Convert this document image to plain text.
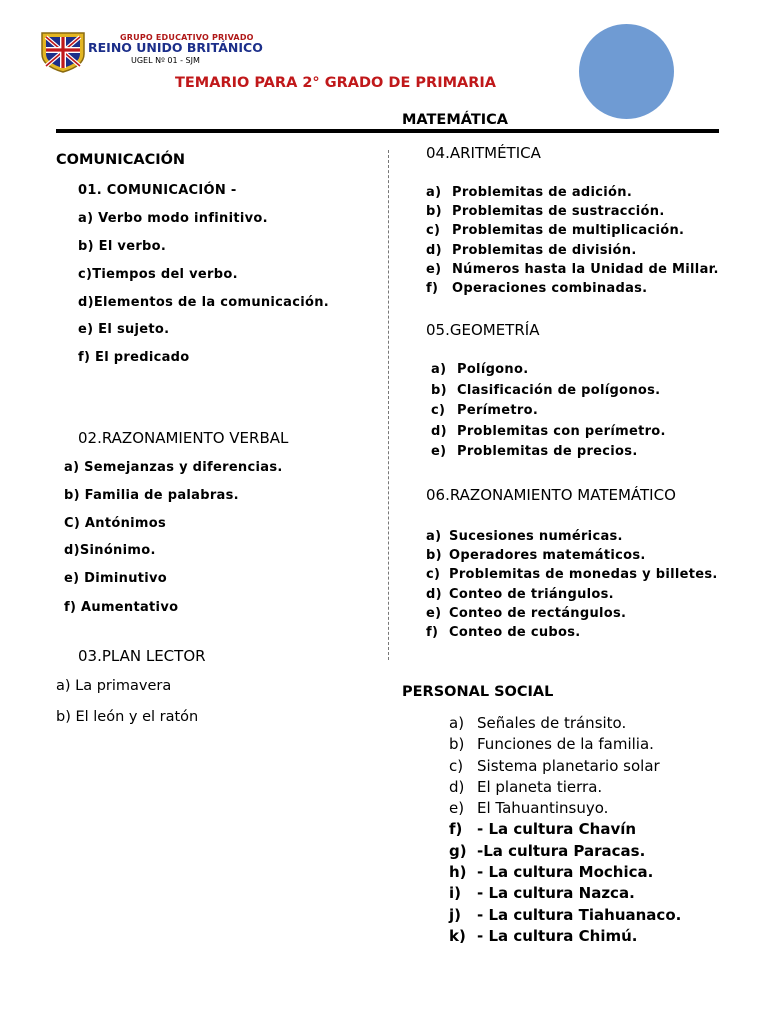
GRUPO EDUCATIVO PRIVADO
REINO UNIDO BRITÁNICO
UGEL Nº 01 - SJM
TEMARIO PARA 2° GRADO DE PRIMARIA
MATEMÁTICA
COMUNICACIÓN
01. COMUNICACIÓN -
a) Verbo modo infinitivo.
b) El verbo.
c)Tiempos del verbo.
d)Elementos de la comunicación.
e) El sujeto.
f) El predicado
02.RAZONAMIENTO VERBAL
a) Semejanzas y diferencias.
b) Familia de palabras.
C) Antónimos
d)Sinónimo.
e) Diminutivo
f) Aumentativo
03.PLAN LECTOR
a) La primavera
b) El león y el ratón
04.ARITMÉTICA
a) Problemitas de adición.
b) Problemitas de sustracción.
c) Problemitas de multiplicación.
d) Problemitas de división.
e) Números hasta la Unidad de Millar.
f) Operaciones combinadas.
05.GEOMETRÍA
a) Polígono.
b) Clasificación de polígonos.
c) Perímetro.
d) Problemitas con perímetro.
e) Problemitas de precios.
06.RAZONAMIENTO MATEMÁTICO
a) Sucesiones numéricas.
b) Operadores matemáticos.
c) Problemitas de monedas y billetes.
d) Conteo de triángulos.
e) Conteo de rectángulos.
f) Conteo de cubos.
PERSONAL SOCIAL
a) Señales de tránsito.
b) Funciones de la familia.
c) Sistema planetario solar
d) El planeta tierra.
e) El Tahuantinsuyo.
f) - La cultura Chavín
g) -La cultura Paracas.
h) - La cultura Mochica.
i) - La cultura Nazca.
j) - La cultura Tiahuanaco.
k) - La cultura Chimú.
